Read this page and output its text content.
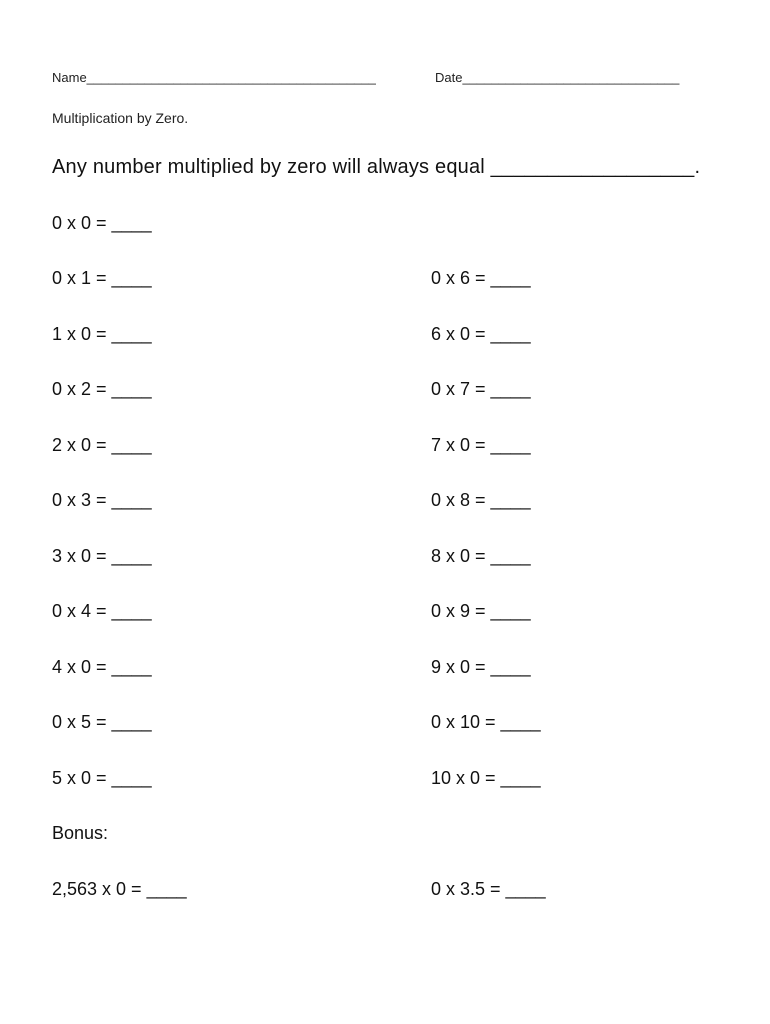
Name________________________________________	Date______________________________
Multiplication by Zero.
Any number multiplied by zero will always equal __________________.
0 x 0 = ____
0 x 1 = ____
1 x 0 = ____
0 x 2 = ____
2 x 0 = ____
0 x 3 = ____
3 x 0 = ____
0 x 4 = ____
4 x 0 = ____
0 x 5 = ____
5 x 0 = ____
0 x 6 = ____
6 x 0 = ____
0 x 7 = ____
7 x 0 = ____
0 x 8 = ____
8 x 0 = ____
0 x 9 = ____
9 x 0 = ____
0 x 10 = ____
10 x 0 = ____
Bonus:
2,563 x 0 = ____	0 x 3.5 = ____
